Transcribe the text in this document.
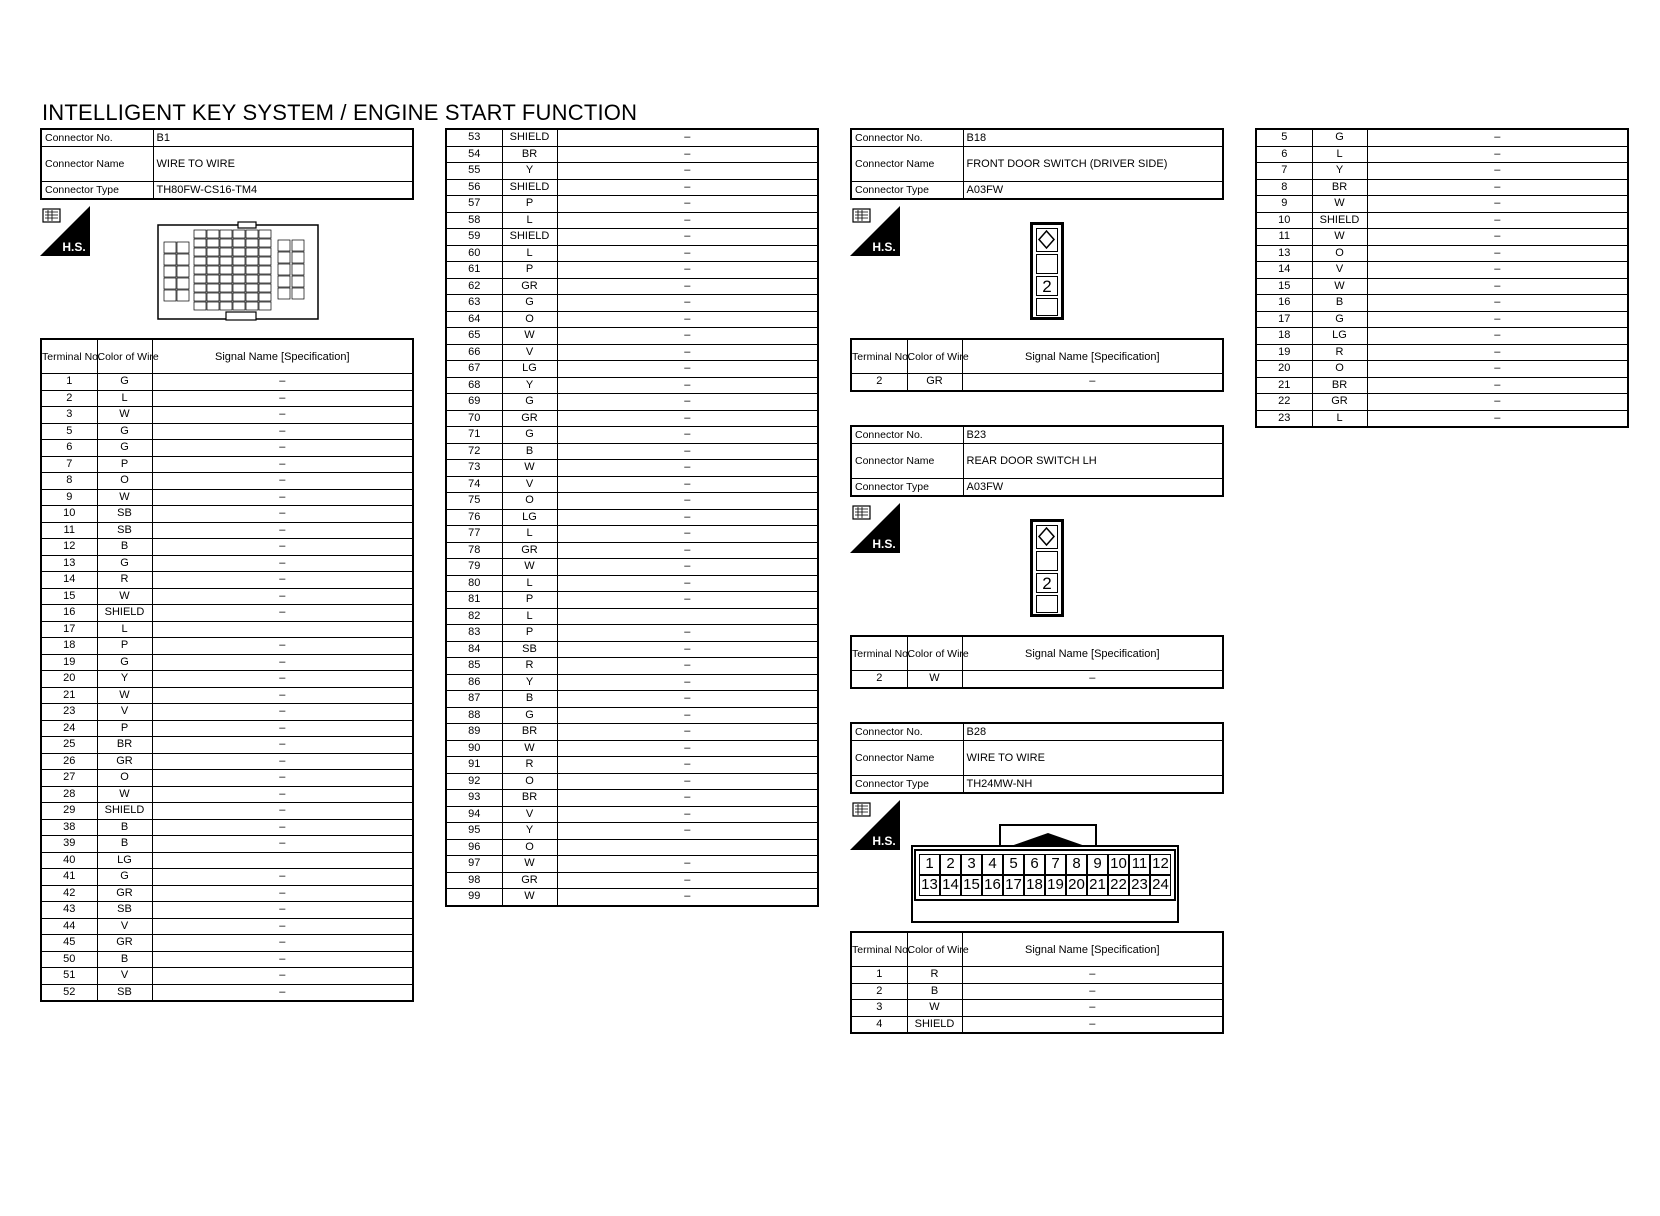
INTELLIGENT KEY SYSTEM / ENGINE START FUNCTION
Connector No.	B1
Connector Name	WIRE TO WIRE
Connector Type	TH80FW-CS16-TM4
H.S.
Terminal No.	Color of Wire	Signal Name [Specification]
1	G	–
2	L	–
3	W	–
5	G	–
6	G	–
7	P	–
8	O	–
9	W	–
10	SB	–
11	SB	–
12	B	–
13	G	–
14	R	–
15	W	–
16	SHIELD	–
17	L	
18	P	–
19	G	–
20	Y	–
21	W	–
23	V	–
24	P	–
25	BR	–
26	GR	–
27	O	–
28	W	–
29	SHIELD	–
38	B	–
39	B	–
40	LG	
41	G	–
42	GR	–
43	SB	–
44	V	–
45	GR	–
50	B	–
51	V	–
52	SB	–
53	SHIELD	–
54	BR	–
55	Y	–
56	SHIELD	–
57	P	–
58	L	–
59	SHIELD	–
60	L	–
61	P	–
62	GR	–
63	G	–
64	O	–
65	W	–
66	V	–
67	LG	–
68	Y	–
69	G	–
70	GR	–
71	G	–
72	B	–
73	W	–
74	V	–
75	O	–
76	LG	–
77	L	–
78	GR	–
79	W	–
80	L	–
81	P	–
82	L	
83	P	–
84	SB	–
85	R	–
86	Y	–
87	B	–
88	G	–
89	BR	–
90	W	–
91	R	–
92	O	–
93	BR	–
94	V	–
95	Y	–
96	O	
97	W	–
98	GR	–
99	W	–
Connector No.	B18
Connector Name	FRONT DOOR SWITCH (DRIVER SIDE)
Connector Type	A03FW
H.S.
2
Terminal No.	Color of Wire	Signal Name [Specification]
2	GR	–
Connector No.	B23
Connector Name	REAR DOOR SWITCH LH
Connector Type	A03FW
H.S.
2
Terminal No.	Color of Wire	Signal Name [Specification]
2	W	–
Connector No.	B28
Connector Name	WIRE TO WIRE
Connector Type	TH24MW-NH
H.S.
1 2 3 4 5 6 7 8 9 10 11 12
13 14 15 16 17 18 19 20 21 22 23 24
Terminal No.	Color of Wire	Signal Name [Specification]
1	R	–
2	B	–
3	W	–
4	SHIELD	–
5	G	–
6	L	–
7	Y	–
8	BR	–
9	W	–
10	SHIELD	–
11	W	–
13	O	–
14	V	–
15	W	–
16	B	–
17	G	–
18	LG	–
19	R	–
20	O	–
21	BR	–
22	GR	–
23	L	–
